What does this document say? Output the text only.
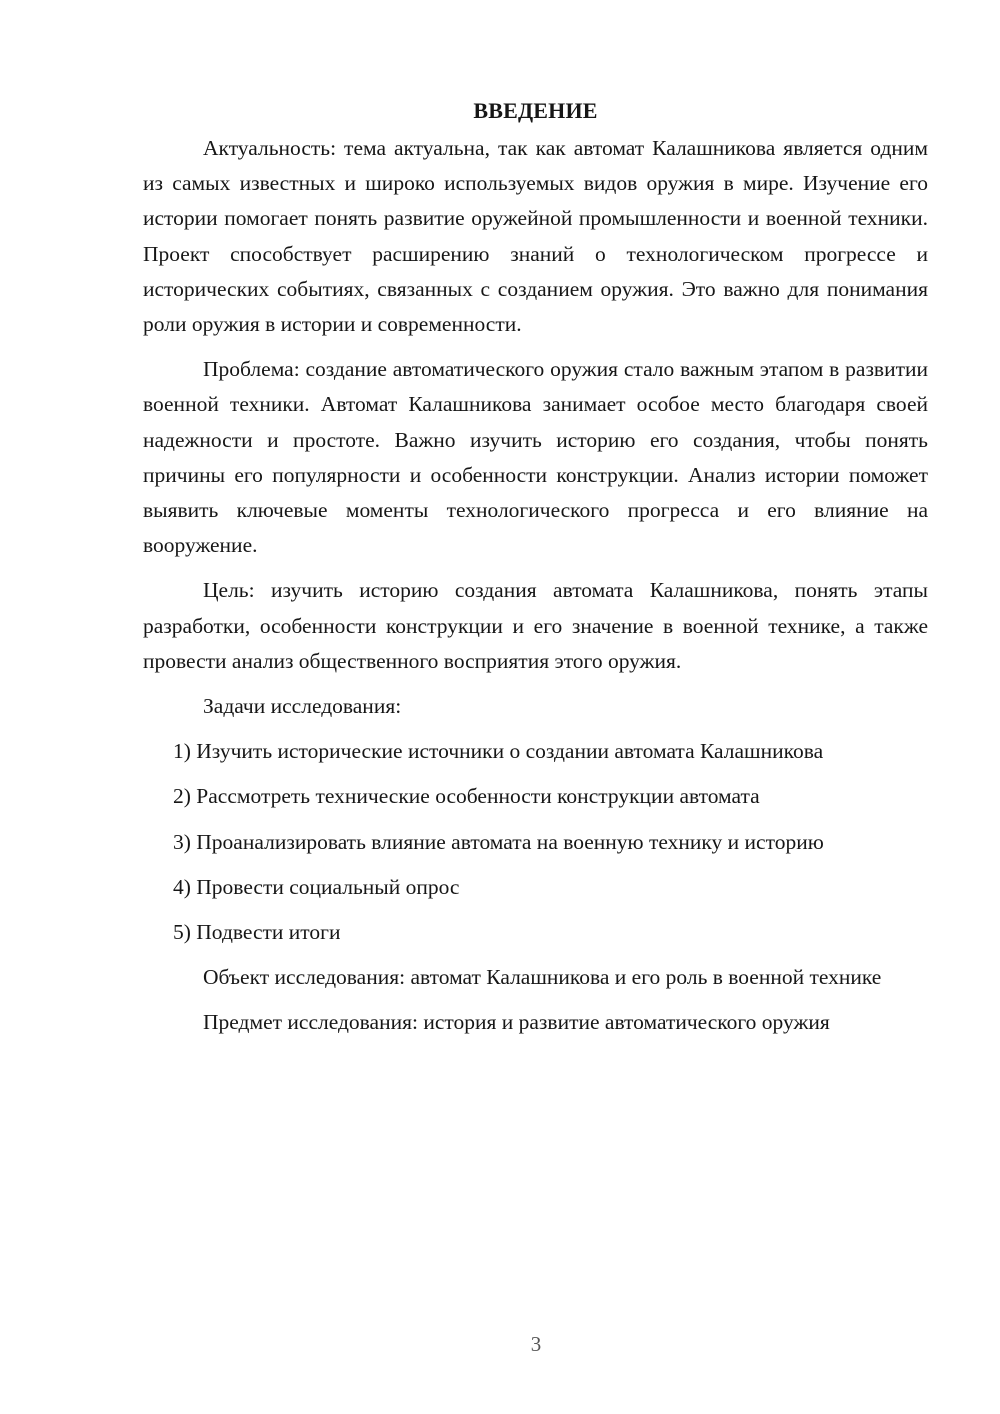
ВВЕДЕНИЕ

Актуальность: тема актуальна, так как автомат Калашникова является одним из самых известных и широко используемых видов оружия в мире. Изучение его истории помогает понять развитие оружейной промышленности и военной техники. Проект способствует расширению знаний о технологическом прогрессе и исторических событиях, связанных с созданием оружия. Это важно для понимания роли оружия в истории и современности.

Проблема: создание автоматического оружия стало важным этапом в развитии военной техники. Автомат Калашникова занимает особое место благодаря своей надежности и простоте. Важно изучить историю его создания, чтобы понять причины его популярности и особенности конструкции. Анализ истории поможет выявить ключевые моменты технологического прогресса и его влияние на вооружение.

Цель: изучить историю создания автомата Калашникова, понять этапы разработки, особенности конструкции и его значение в военной технике, а также провести анализ общественного восприятия этого оружия.

Задачи исследования:

1) Изучить исторические источники о создании автомата Калашникова

2) Рассмотреть технические особенности конструкции автомата

3) Проанализировать влияние автомата на военную технику и историю

4) Провести социальный опрос

5) Подвести итоги

Объект исследования: автомат Калашникова и его роль в военной технике

Предмет исследования: история и развитие автоматического оружия

3
